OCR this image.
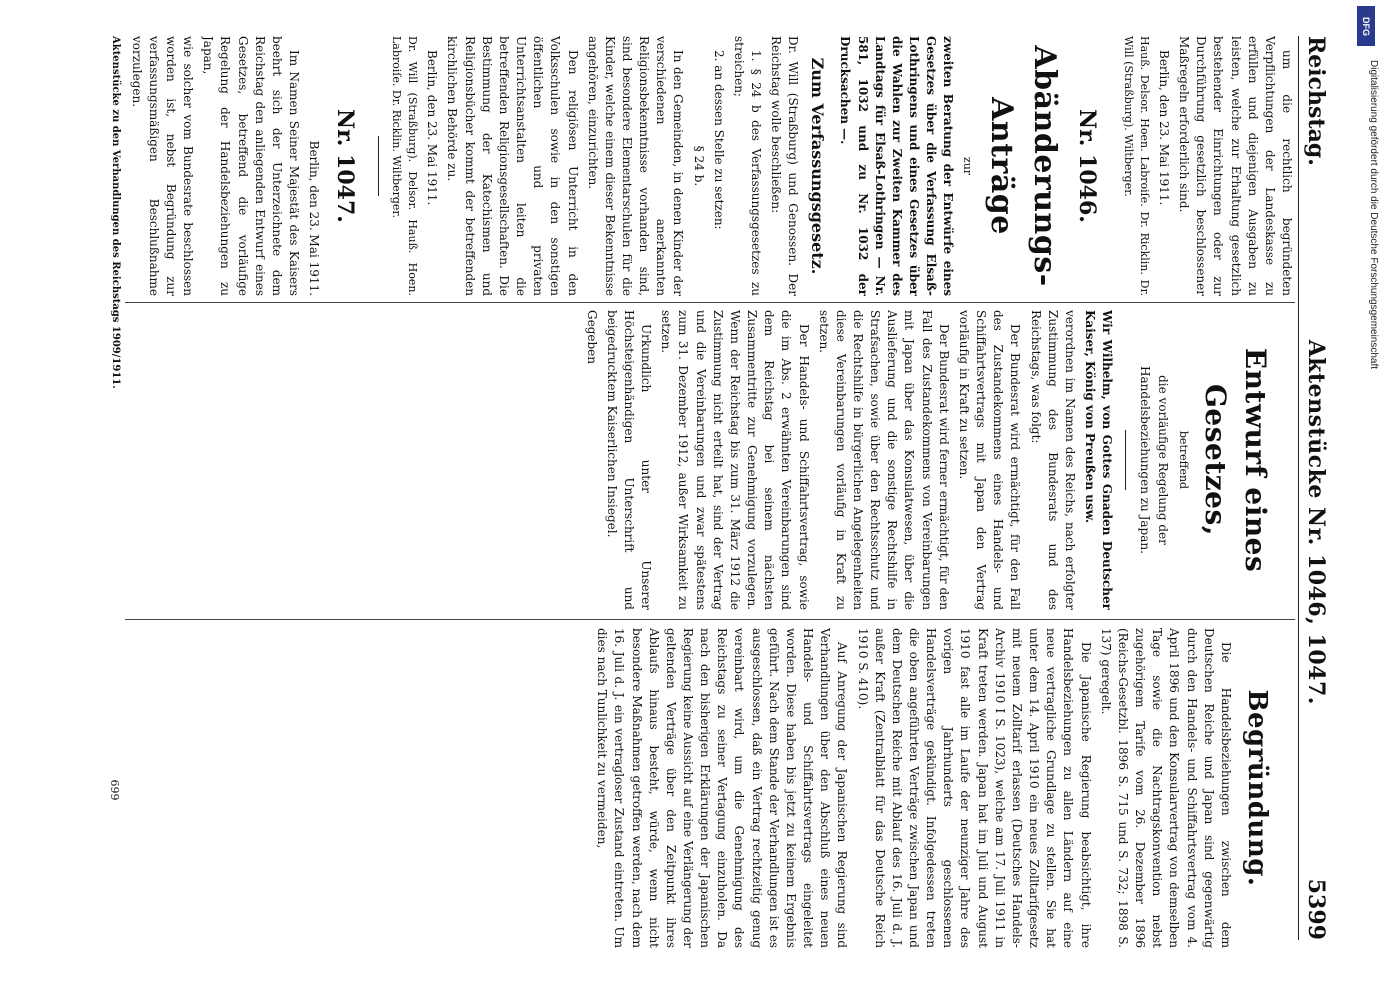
Reichstag.
Aktenstücke Nr. 1046, 1047.
5399

um die rechtlich begründeten Verpflichtungen der Landeskasse zu erfüllen und diejenigen Ausgaben zu leisten, welche zur Erhaltung gesetzlich bestehender Einrichtungen oder zur Durchführung gesetzlich beschlossener Maßregeln erforderlich sind.

Berlin, den 23. Mai 1911.

Hauß. Delsor. Hoen. Labroiſe. Dr. Ricklin. Dr. Will (Straßburg). Wiltberger.

Nr. 1046.
Abänderungs-Anträge

zur

zweiten Beratung der Entwürfe eines Gesetzes über die Verfassung Elsaß-Lothringens und eines Gesetzes über die Wahlen zur Zweiten Kammer des Landtags für Elsaß-Lothringen — Nr. 581, 1032 und zu Nr. 1032 der Drucksachen —.

Zum Verfassungsgesetz.

Dr. Will (Straßburg) und Genossen. Der Reichstag wolle beschließen:

1. § 24 b des Verfassungsgesetzes zu streichen;

2. an dessen Stelle zu setzen:

§ 24 b.

In den Gemeinden, in denen Kinder der verschiedenen anerkannten Religionsbekenntnisse vorhanden sind, sind besondere Elementarschulen für die Kinder, welche einem dieser Bekenntnisse angehören, einzurichten.

Den religiösen Unterricht in den Volksschulen sowie in den sonstigen öffentlichen und privaten Unterrichtsanstalten leiten die betreffenden Religionsgesellschaften. Die Bestimmung der Katechismen und Religionsbücher kommt der betreffenden kirchlichen Behörde zu.

Berlin, den 23. Mai 1911.

Dr. Will (Straßburg). Delsor. Hauß. Hoen. Labroiſe. Dr. Ricklin. Wiltberger.

Nr. 1047.

Berlin, den 23. Mai 1911.

Im Namen Seiner Majestät des Kaisers beehrt sich der Unterzeichnete dem Reichstag den anliegenden Entwurf eines Gesetzes, betreffend die vorläufige Regelung der Handelsbeziehungen zu Japan,

wie solcher vom Bundesrate beschlossen worden ist, nebst Begründung zur verfassungsmäßigen Beschlußnahme vorzulegen.

Entwurf eines Gesetzes,

betreffend

die vorläufige Regelung der Handelsbeziehungen zu Japan.

Wir Wilhelm, von Gottes Gnaden Deutscher Kaiser, König von Preußen usw.

verordnen im Namen des Reichs, nach erfolgter Zustimmung des Bundesrats und des Reichstags, was folgt:

Der Bundesrat wird ermächtigt, für den Fall des Zustandekommens eines Handels- und Schiffahrtsvertrags mit Japan den Vertrag vorläufig in Kraft zu setzen.

Der Bundesrat wird ferner ermächtigt, für den Fall des Zustandekommens von Vereinbarungen mit Japan über das Konsulatwesen, über die Auslieferung und die sonstige Rechtshilfe in Strafsachen, sowie über den Rechtsschutz und die Rechtshilfe in bürgerlichen Angelegenheiten diese Vereinbarungen vorläufig in Kraft zu setzen.

Der Handels- und Schiffahrtsvertrag, sowie die im Abs. 2 erwähnten Vereinbarungen sind dem Reichstag bei seinem nächsten Zusammentritte zur Genehmigung vorzulegen. Wenn der Reichstag bis zum 31. März 1912 die Zustimmung nicht erteilt hat, sind der Vertrag und die Vereinbarungen und zwar spätestens zum 31. Dezember 1912, außer Wirksamkeit zu setzen.

Urkundlich unter Unserer Höchsteigenhändigen Unterschrift und beigedrucktem Kaiserlichen Insiegel.

Gegeben

Begründung.

Die Handelsbeziehungen zwischen dem Deutschen Reiche und Japan sind gegenwärtig durch den Handels- und Schiffahrtsvertrag vom 4. April 1896 und den Konsularvertrag von demselben Tage sowie die Nachtragskonvention nebst zugehörigem Tarife vom 26. Dezember 1896 (Reichs-Gesetzbl. 1896 S. 715 und S. 732; 1898 S. 137) geregelt.

Die Japanische Regierung beabsichtigt, ihre Handelsbeziehungen zu allen Ländern auf eine neue vertragliche Grundlage zu stellen. Sie hat unter dem 14. April 1910 ein neues Zolltarifgesetz mit neuem Zolltarif erlassen (Deutsches Handels-Archiv 1910 I S. 1023), welche am 17. Juli 1911 in Kraft treten werden. Japan hat im Juli und August 1910 fast alle im Laufe der neunziger Jahre des vorigen Jahrhunderts geschlossenen Handelsverträge gekündigt. Infolgedessen treten die oben angeführten Verträge zwischen Japan und dem Deutschen Reiche mit Ablauf des 16. Juli d. J. außer Kraft (Zentralblatt für das Deutsche Reich 1910 S. 410).

Auf Anregung der Japanischen Regierung sind Verhandlungen über den Abschluß eines neuen Handels- und Schiffahrtsvertrags eingeleitet worden. Diese haben bis jetzt zu keinem Ergebnis geführt. Nach dem Stande der Verhandlungen ist es ausgeschlossen, daß ein Vertrag rechtzeitig genug vereinbart wird, um die Genehmigung des Reichstags zu seiner Vertagung einzuholen. Da nach den bisherigen Erklärungen der Japanischen Regierung keine Aussicht auf eine Verlängerung der geltenden Verträge über den Zeitpunkt ihres Ablaufs hinaus besteht, würde, wenn nicht besondere Maßnahmen getroffen werden, nach dem 16. Juli d. J. ein vertragloser Zustand eintreten. Um dies nach Tunlichkeit zu vermeiden,

Aktenstücke zu den Verhandlungen des Reichstags 1909/1911.
699
DFG
Digitalisierung gefördert durch die Deutsche Forschungsgemeinschaft
